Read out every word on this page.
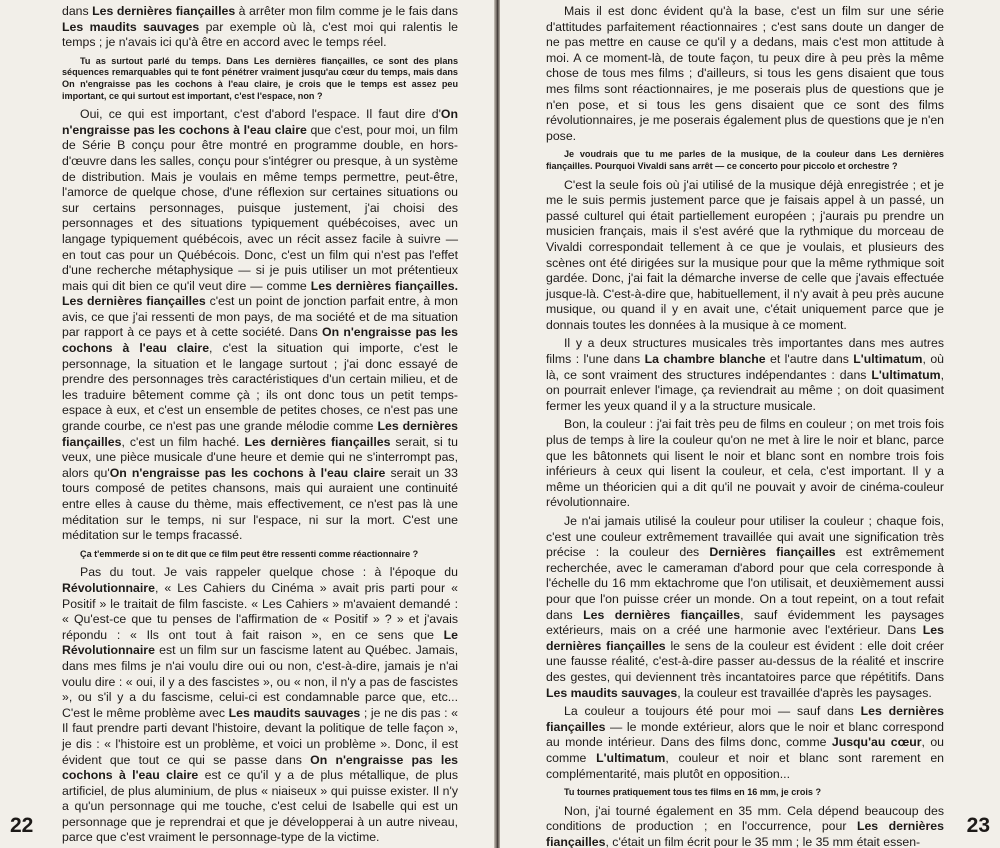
dans Les dernières fiançailles à arrêter mon film comme je le fais dans Les maudits sauvages par exemple où là, c'est moi qui ralentis le temps ; je n'avais ici qu'à être en accord avec le temps réel.

Tu as surtout parlé du temps. Dans Les dernières fiançailles, ce sont des plans séquences remarquables qui te font pénétrer vraiment jusqu'au cœur du temps, mais dans On n'engraisse pas les cochons à l'eau claire, je crois que le temps est assez peu important, ce qui surtout est important, c'est l'espace, non ?

Oui, ce qui est important, c'est d'abord l'espace. Il faut dire d'On n'engraisse pas les cochons à l'eau claire que c'est, pour moi, un film de Série B conçu pour être montré en programme double, en hors-d'œuvre dans les salles, conçu pour s'intégrer ou presque, à un système de distribution. Mais je voulais en même temps permettre, peut-être, l'amorce de quelque chose, d'une réflexion sur certaines situations ou sur certains personnages, puisque justement, j'ai choisi des personnages et des situations typiquement québécoises, avec un langage typiquement québécois, avec un récit assez facile à suivre — en tout cas pour un Québécois. Donc, c'est un film qui n'est pas l'effet d'une recherche métaphysique — si je puis utiliser un mot prétentieux mais qui dit bien ce qu'il veut dire — comme Les dernières fiançailles. Les dernières fiançailles c'est un point de jonction parfait entre, à mon avis, ce que j'ai ressenti de mon pays, de ma société et de ma situation par rapport à ce pays et à cette société. Dans On n'engraisse pas les cochons à l'eau claire, c'est la situation qui importe, c'est le personnage, la situation et le langage surtout ; j'ai donc essayé de prendre des personnages très caractéristiques d'un certain milieu, et de les traduire bêtement comme çà ; ils ont donc tous un petit temps-espace à eux, et c'est un ensemble de petites choses, ce n'est pas une grande courbe, ce n'est pas une grande mélodie comme Les dernières fiançailles, c'est un film haché. Les dernières fiançailles serait, si tu veux, une pièce musicale d'une heure et demie qui ne s'interrompt pas, alors qu'On n'engraisse pas les cochons à l'eau claire serait un 33 tours composé de petites chansons, mais qui auraient une continuité entre elles à cause du thème, mais effectivement, ce n'est pas là une méditation sur le temps, ni sur l'espace, ni sur la mort. C'est une méditation sur le temps fracassé.

Ça t'emmerde si on te dit que ce film peut être ressenti comme réactionnaire ?

Pas du tout. Je vais rappeler quelque chose : à l'époque du Révolutionnaire, « Les Cahiers du Cinéma » avait pris parti pour « Positif » le traitait de film fasciste. « Les Cahiers » m'avaient demandé : « Qu'est-ce que tu penses de l'affirmation de « Positif » ? » et j'avais répondu : « Ils ont tout à fait raison », en ce sens que Le Révolutionnaire est un film sur un fascisme latent au Québec. Jamais, dans mes films je n'ai voulu dire oui ou non, c'est-à-dire, jamais je n'ai voulu dire : « oui, il y a des fascistes », ou « non, il n'y a pas de fascistes », ou s'il y a du fascisme, celui-ci est condamnable parce que, etc... C'est le même problème avec Les maudits sauvages ; je ne dis pas : « Il faut prendre parti devant l'histoire, devant la politique de telle façon », je dis : « l'histoire est un problème, et voici un problème ». Donc, il est évident que tout ce qui se passe dans On n'engraisse pas les cochons à l'eau claire est ce qu'il y a de plus métallique, de plus artificiel, de plus aluminium, de plus « niaiseux » qui puisse exister. Il n'y a qu'un personnage qui me touche, c'est celui de Isabelle qui est un personnage que je reprendrai et que je développerai à un autre niveau, parce que c'est vraiment le personnage-type de la victime.

22

Mais il est donc évident qu'à la base, c'est un film sur une série d'attitudes parfaitement réactionnaires ; c'est sans doute un danger de ne pas mettre en cause ce qu'il y a dedans, mais c'est mon attitude à moi. A ce moment-là, de toute façon, tu peux dire à peu près la même chose de tous mes films ; d'ailleurs, si tous les gens disaient que tous mes films sont réactionnaires, je me poserais plus de questions que je n'en pose, et si tous les gens disaient que ce sont des films révolutionnaires, je me poserais également plus de questions que je n'en pose.

Je voudrais que tu me parles de la musique, de la couleur dans Les dernières fiançailles. Pourquoi Vivaldi sans arrêt — ce concerto pour piccolo et orchestre ?

C'est la seule fois où j'ai utilisé de la musique déjà enregistrée ; et je me le suis permis justement parce que je faisais appel à un passé, un passé culturel qui était partiellement européen ; j'aurais pu prendre un musicien français, mais il s'est avéré que la rythmique du morceau de Vivaldi correspondait tellement à ce que je voulais, et plusieurs des scènes ont été dirigées sur la musique pour que la même rythmique soit gardée. Donc, j'ai fait la démarche inverse de celle que j'avais effectuée jusque-là. C'est-à-dire que, habituellement, il n'y avait à peu près aucune musique, ou quand il y en avait une, c'était uniquement parce que je donnais toutes les données à la musique à ce moment.

Il y a deux structures musicales très importantes dans mes autres films : l'une dans La chambre blanche et l'autre dans L'ultimatum, où là, ce sont vraiment des structures indépendantes : dans L'ultimatum, on pourrait enlever l'image, ça reviendrait au même ; on doit quasiment fermer les yeux quand il y a la structure musicale.

Bon, la couleur : j'ai fait très peu de films en couleur ; on met trois fois plus de temps à lire la couleur qu'on ne met à lire le noir et blanc, parce que les bâtonnets qui lisent le noir et blanc sont en nombre trois fois inférieurs à ceux qui lisent la couleur, et cela, c'est important. Il y a même un théoricien qui a dit qu'il ne pouvait y avoir de cinéma-couleur révolutionnaire.

Je n'ai jamais utilisé la couleur pour utiliser la couleur ; chaque fois, c'est une couleur extrêmement travaillée qui avait une signification très précise : la couleur des Dernières fiançailles est extrêmement recherchée, avec le cameraman d'abord pour que cela corresponde à l'échelle du 16 mm ektachrome que l'on utilisait, et deuxièmement aussi pour que l'on puisse créer un monde. On a tout repeint, on a tout refait dans Les dernières fiançailles, sauf évidemment les paysages extérieurs, mais on a créé une harmonie avec l'extérieur. Dans Les dernières fiançailles le sens de la couleur est évident : elle doit créer une fausse réalité, c'est-à-dire passer au-dessus de la réalité et inscrire des gestes, qui deviennent très incantatoires parce que répétitifs. Dans Les maudits sauvages, la couleur est travaillée d'après les paysages.

La couleur a toujours été pour moi — sauf dans Les dernières fiançailles — le monde extérieur, alors que le noir et blanc correspond au monde intérieur. Dans des films donc, comme Jusqu'au cœur, ou comme L'ultimatum, couleur et noir et blanc sont rarement en complémentarité, mais plutôt en opposition...

Tu tournes pratiquement tous tes films en 16 mm, je crois ?

Non, j'ai tourné également en 35 mm. Cela dépend beaucoup des conditions de production ; en l'occurrence, pour Les dernières fiançailles, c'était un film écrit pour le 35 mm ; le 35 mm était essen-

23
